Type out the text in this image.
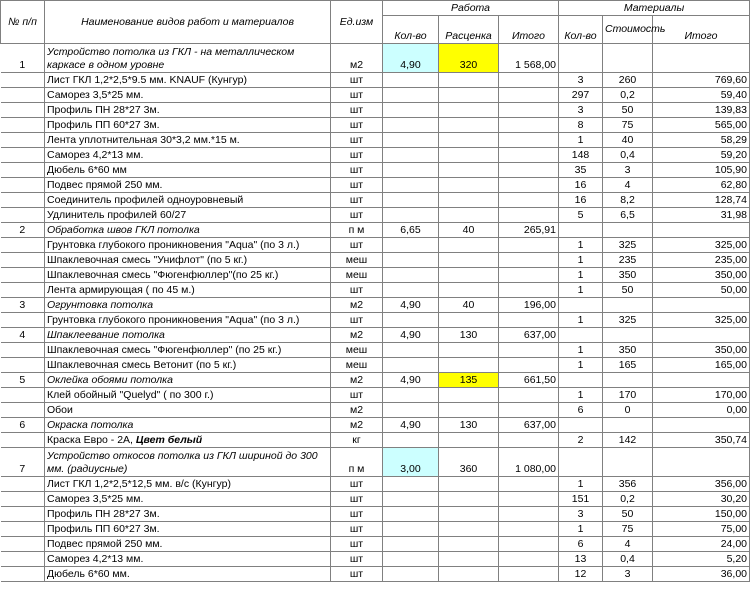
№ п/п	Наименование видов работ и материалов	Ед.изм	Работа			Материалы		
			Кол-во	Расценка	Итого	Кол-во	Стоимость	Итого
1	Устройство потолка из ГКЛ - на металлическом каркасе в одном уровне	м2	4,90	320	1 568,00			
	Лист ГКЛ 1,2*2,5*9.5 мм. KNAUF (Кунгур)	шт				3	260	769,60
	Саморез 3,5*25 мм.	шт				297	0,2	59,40
	Профиль ПН 28*27 3м.	шт				3	50	139,83
	Профиль ПП 60*27 3м.	шт				8	75	565,00
	Лента уплотнительная 30*3,2 мм.*15 м.	шт				1	40	58,29
	Саморез 4,2*13 мм.	шт				148	0,4	59,20
	Дюбель 6*60 мм	шт				35	3	105,90
	Подвес прямой 250 мм.	шт				16	4	62,80
	Соединитель профилей одноуровневый	шт				16	8,2	128,74
	Удлинитель профилей 60/27	шт				5	6,5	31,98
2	Обработка швов ГКЛ потолка	п м	6,65	40	265,91			
	Грунтовка глубокого проникновения "Aqua" (по 3 л.)	шт				1	325	325,00
	Шпаклевочная смесь "Унифлот" (по 5 кг.)	меш				1	235	235,00
	Шпаклевочная смесь "Фюгенфюллер"(по 25 кг.)	меш				1	350	350,00
	Лента армирующая ( по 45 м.)	шт				1	50	50,00
3	Огрунтовка потолка	м2	4,90	40	196,00			
	Грунтовка глубокого проникновения "Aqua" (по 3 л.)	шт				1	325	325,00
4	Шпаклеевание потолка	м2	4,90	130	637,00			
	Шпаклевочная смесь "Фюгенфюллер" (по 25 кг.)	меш				1	350	350,00
	Шпаклевочная смесь Ветонит (по 5 кг.)	меш				1	165	165,00
5	Оклейка обоями потолка	м2	4,90	135	661,50			
	Клей обойный "Quelyd" ( по 300 г.)	шт				1	170	170,00
	Обои	м2				6	0	0,00
6	Окраска потолка	м2	4,90	130	637,00			
	Краска Евро - 2А, Цвет белый	кг				2	142	350,74
7	Устройство откосов потолка из ГКЛ шириной до 300 мм. (радиусные)	п м	3,00	360	1 080,00			
	Лист ГКЛ 1,2*2,5*12,5 мм. в/с (Кунгур)	шт				1	356	356,00
	Саморез 3,5*25 мм.	шт				151	0,2	30,20
	Профиль ПН 28*27 3м.	шт				3	50	150,00
	Профиль ПП 60*27 3м.	шт				1	75	75,00
	Подвес прямой 250 мм.	шт				6	4	24,00
	Саморез 4,2*13 мм.	шт				13	0,4	5,20
	Дюбель 6*60 мм.	шт				12	3	36,00
